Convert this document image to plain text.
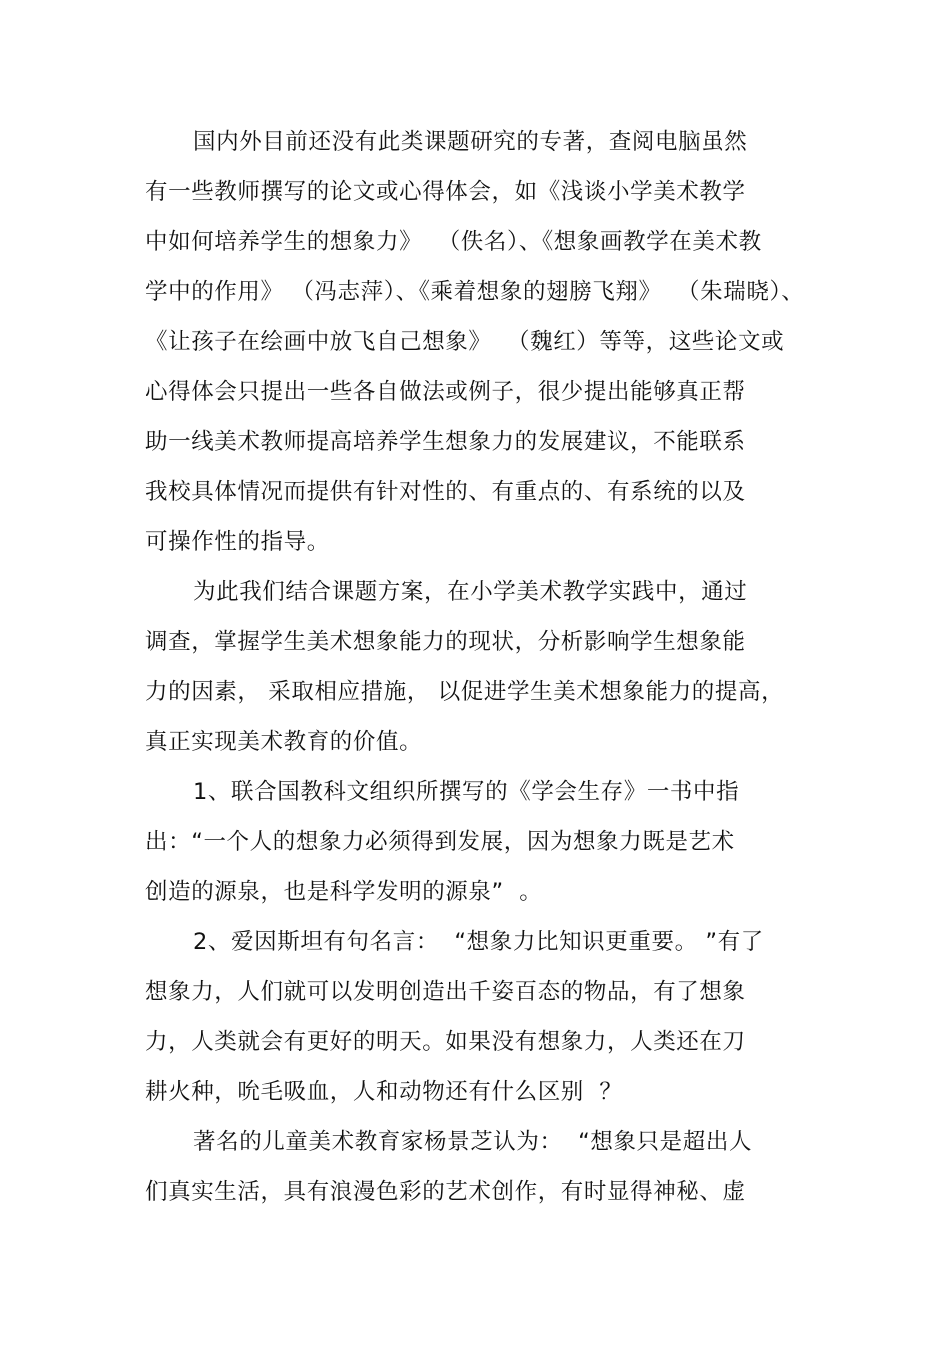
国内外目前还没有此类课题研究的专著，查阅电脑虽然
有一些教师撰写的论文或心得体会，如《浅谈小学美术教学
中如何培养学生的想象力》  （佚名）、《想象画教学在美术教
学中的作用》 （冯志萍）、《乘着想象的翅膀飞翔》  （朱瑞晓）、
《让孩子在绘画中放飞自己想象》  （魏红）等等，这些论文或
心得体会只提出一些各自做法或例子，很少提出能够真正帮
助一线美术教师提高培养学生想象力的发展建议，不能联系
我校具体情况而提供有针对性的、有重点的、有系统的以及
可操作性的指导。
为此我们结合课题方案，在小学美术教学实践中，通过
调查，掌握学生美术想象能力的现状，分析影响学生想象能
力的因素， 采取相应措施， 以促进学生美术想象能力的提高，
真正实现美术教育的价值。
1、联合国教科文组织所撰写的《学会生存》一书中指
出：“一个人的想象力必须得到发展，因为想象力既是艺术
创造的源泉，也是科学发明的源泉”  。
2、爱因斯坦有句名言：  “想象力比知识更重要。 ”有了
想象力，人们就可以发明创造出千姿百态的物品，有了想象
力，人类就会有更好的明天。如果没有想象力，人类还在刀
耕火种，吮毛吸血，人和动物还有什么区别  ？
著名的儿童美术教育家杨景芝认为：  “想象只是超出人
们真实生活，具有浪漫色彩的艺术创作，有时显得神秘、虚
